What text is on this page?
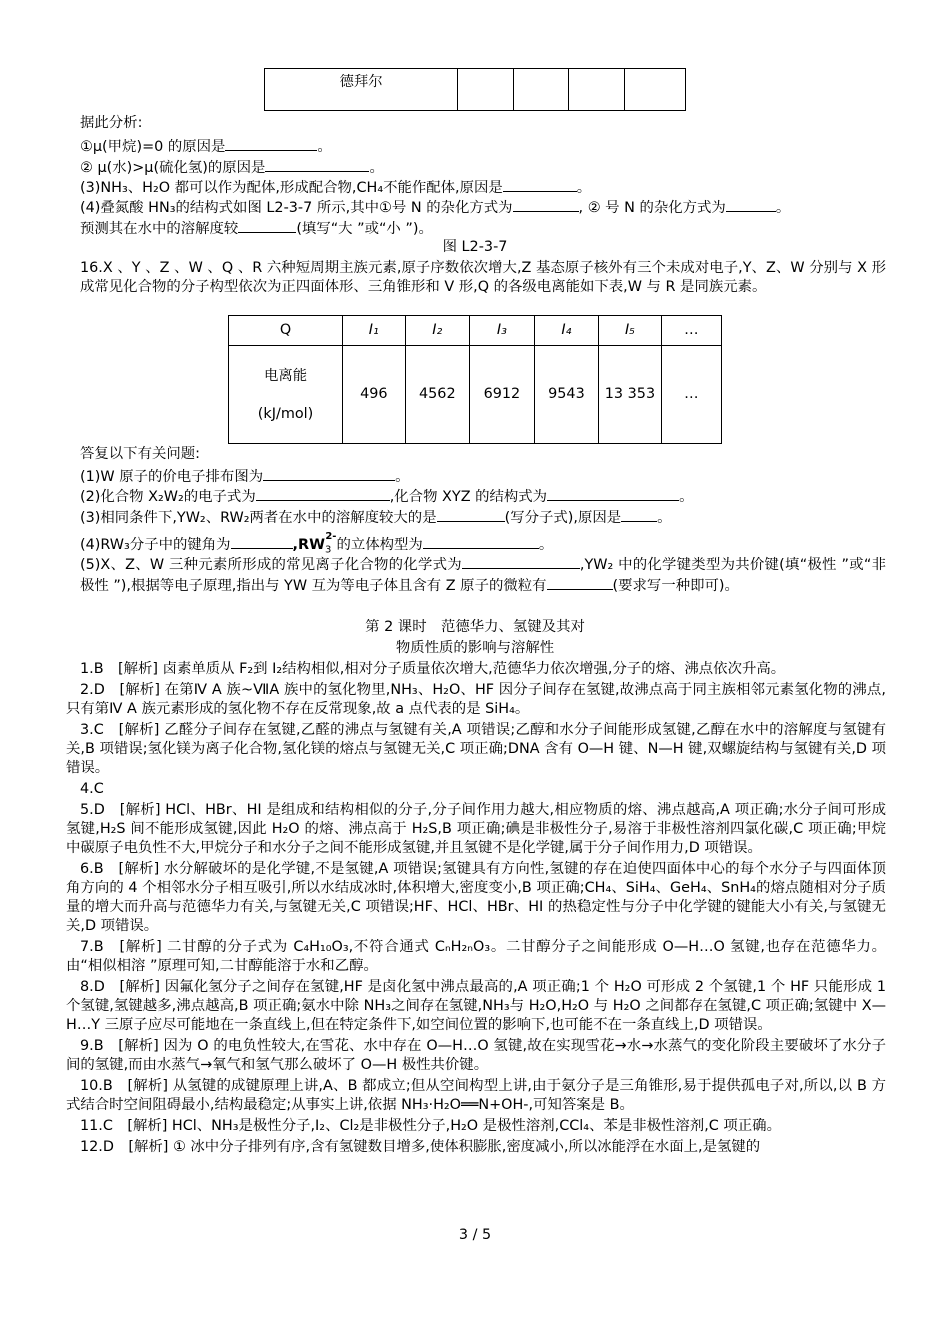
德拜尔				
据此分析:
①μ(甲烷)=0 的原因是	。
② μ(水)>μ(硫化氢)的原因是	。
(3)NH₃、H₂O 都可以作为配体,形成配合物,CH₄不能作配体,原因是	。
(4)叠氮酸 HN₃的结构式如图 L2-3-7 所示,其中①号 N 的杂化方式为	, ② 号 N 的杂化方式为	。
预测其在水中的溶解度较	(填写“大 ”或“小 ”)。
图 L2-3-7
16.X 、Y 、Z 、W 、Q 、R 六种短周期主族元素,原子序数依次增大,Z 基态原子核外有三个未成对电子,Y、Z、W 分别与 X 形成常见化合物的分子构型依次为正四面体形、三角锥形和 V 形,Q 的各级电离能如下表,W 与 R 是同族元素。
Q	I₁	I₂	I₃	I₄	I₅	…

电离能
(kJ/mol)	496	4562	6912	9543	13 353	…
答复以下有关问题:
(1)W 原子的价电子排布图为	。
(2)化合物 X₂W₂的电子式为	,化合物 XYZ 的结构式为	。
(3)相同条件下,YW₂、RW₂两者在水中的溶解度较大的是	(写分子式),原因是	。
(4)RW₃分子中的键角为	$,RW_3^{2-}$的立体构型为	。
(5)X、Z、W 三种元素所形成的常见离子化合物的化学式为	,YW₂ 中的化学键类型为共价键(填“极性 ”或“非极性 ”),根据等电子原理,指出与 YW 互为等电子体且含有 Z 原子的微粒有	(要求写一种即可)。
第 2 课时　范德华力、氢键及其对
物质性质的影响与溶解性
1.B　[解析] 卤素单质从 F₂到 I₂结构相似,相对分子质量依次增大,范德华力依次增强,分子的熔、沸点依次升高。
2.D　[解析] 在第Ⅳ A 族~ⅦA 族中的氢化物里,NH₃、H₂O、HF 因分子间存在氢键,故沸点高于同主族相邻元素氢化物的沸点,只有第Ⅳ A 族元素形成的氢化物不存在反常现象,故 a 点代表的是 SiH₄。
3.C　[解析] 乙醛分子间存在氢键,乙醛的沸点与氢键有关,A 项错误;乙醇和水分子间能形成氢键,乙醇在水中的溶解度与氢键有关,B 项错误;氢化镁为离子化合物,氢化镁的熔点与氢键无关,C 项正确;DNA 含有 O—H 键、N—H 键,双螺旋结构与氢键有关,D 项错误。
4.C
5.D　[解析] HCl、HBr、HI 是组成和结构相似的分子,分子间作用力越大,相应物质的熔、沸点越高,A 项正确;水分子间可形成氢键,H₂S 间不能形成氢键,因此 H₂O 的熔、沸点高于 H₂S,B 项正确;碘是非极性分子,易溶于非极性溶剂四氯化碳,C 项正确;甲烷中碳原子电负性不大,甲烷分子和水分子之间不能形成氢键,并且氢键不是化学键,属于分子间作用力,D 项错误。
6.B　[解析] 水分解破坏的是化学键,不是氢键,A 项错误;氢键具有方向性,氢键的存在迫使四面体中心的每个水分子与四面体顶角方向的 4 个相邻水分子相互吸引,所以水结成冰时,体积增大,密度变小,B 项正确;CH₄、SiH₄、GeH₄、SnH₄的熔点随相对分子质量的增大而升高与范德华力有关,与氢键无关,C 项错误;HF、HCl、HBr、HI 的热稳定性与分子中化学键的键能大小有关,与氢键无关,D 项错误。
7.B　[解析] 二甘醇的分子式为 C₄H₁₀O₃,不符合通式 CₙH₂ₙO₃。二甘醇分子之间能形成 O—H…O 氢键,也存在范德华力。由“相似相溶 ”原理可知,二甘醇能溶于水和乙醇。
8.D　[解析] 因氟化氢分子之间存在氢键,HF 是卤化氢中沸点最高的,A 项正确;1 个 H₂O 可形成 2 个氢键,1 个 HF 只能形成 1 个氢键,氢键越多,沸点越高,B 项正确;氨水中除 NH₃之间存在氢键,NH₃与 H₂O,H₂O 与 H₂O 之间都存在氢键,C 项正确;氢键中 X—H…Y 三原子应尽可能地在一条直线上,但在特定条件下,如空间位置的影响下,也可能不在一条直线上,D 项错误。
9.B　[解析] 因为 O 的电负性较大,在雪花、水中存在 O—H…O 氢键,故在实现雪花→水→水蒸气的变化阶段主要破坏了水分子间的氢键,而由水蒸气→氧气和氢气那么破坏了 O—H 极性共价键。
10.B　[解析] 从氢键的成键原理上讲,A、B 都成立;但从空间构型上讲,由于氨分子是三角锥形,易于提供孤电子对,所以,以 B 方式结合时空间阻碍最小,结构最稳定;从事实上讲,依据 NH₃·H₂O══N+OH-,可知答案是 B。
11.C　[解析] HCl、NH₃是极性分子,I₂、Cl₂是非极性分子,H₂O 是极性溶剂,CCl₄、苯是非极性溶剂,C 项正确。
12.D　[解析] ① 冰中分子排列有序,含有氢键数目增多,使体积膨胀,密度减小,所以冰能浮在水面上,是氢键的
3 / 5
